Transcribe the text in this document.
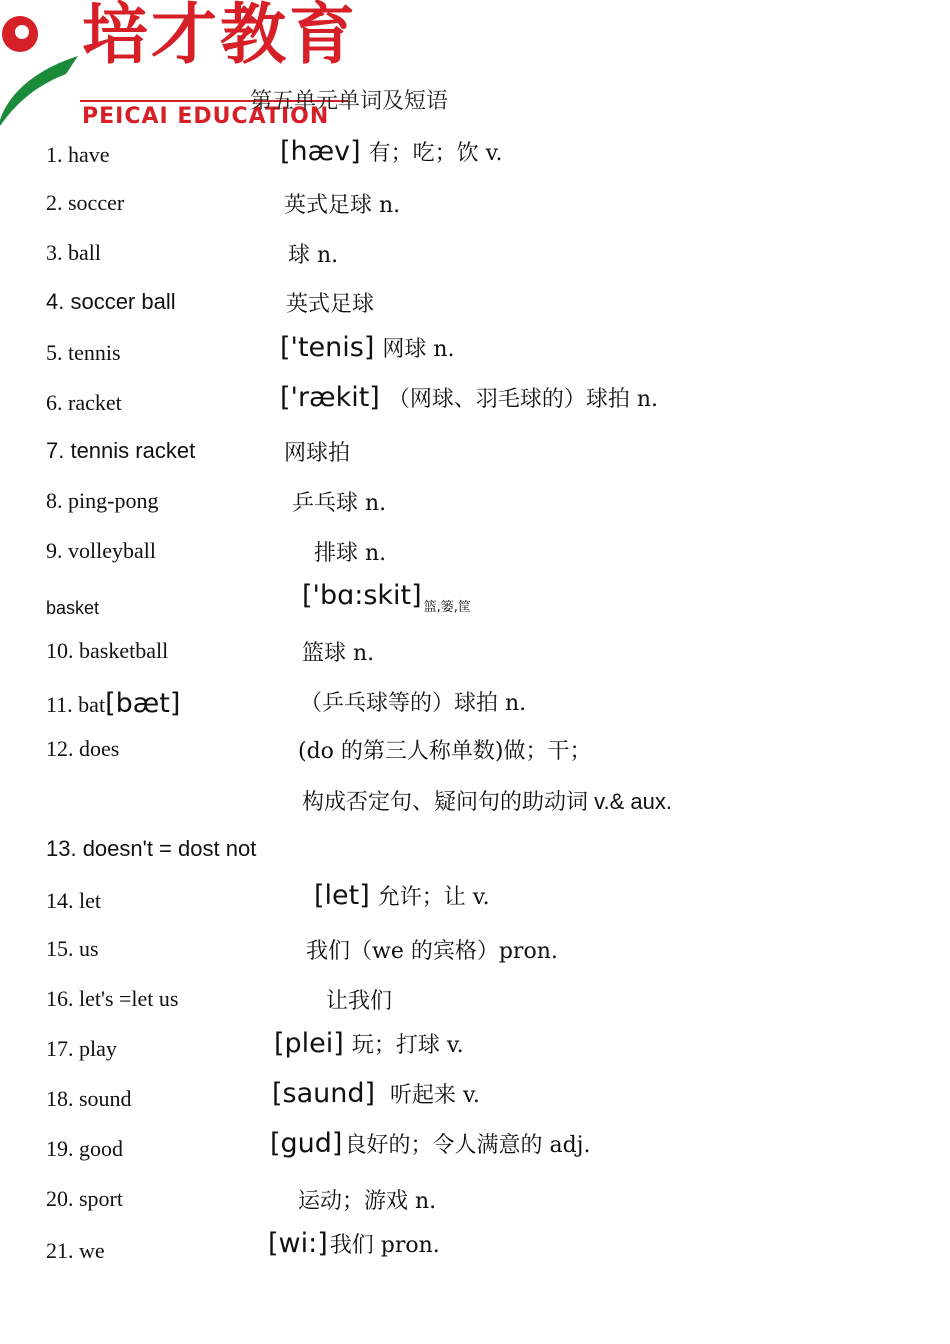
培才教育

PEICAI EDUCATION

第五单元单词及短语
1. have	[hæv] 有；吃；饮 v.
2. soccer	英式足球 n.
3. ball	球 n.
4. soccer ball	英式足球
5. tennis	['tenis] 网球 n.
6. racket	['rækit] （网球、羽毛球的）球拍 n.
7. tennis racket	网球拍
8. ping-pong	乒乓球 n.
9. volleyball	排球 n.
basket	['bɑ:skit] $_{篮,篓,筐}$
10. basketball	篮球 n.
11. bat[bæt]	（乒乓球等的）球拍 n.
12. does	(do 的第三人称单数)做；干；
构成否定句、疑问句的助动词 v.& aux.
13. doesn't = dost not
14. let	[let] 允许；让 v.
15. us	我们（we 的宾格）pron.
16. let's =let us	让我们
17. play	[plei] 玩；打球 v.
18. sound	[saund] 听起来 v.
19. good	[gud]良好的；令人满意的 adj.
20. sport	运动；游戏 n.
21. we	[wi:]我们 pron.
